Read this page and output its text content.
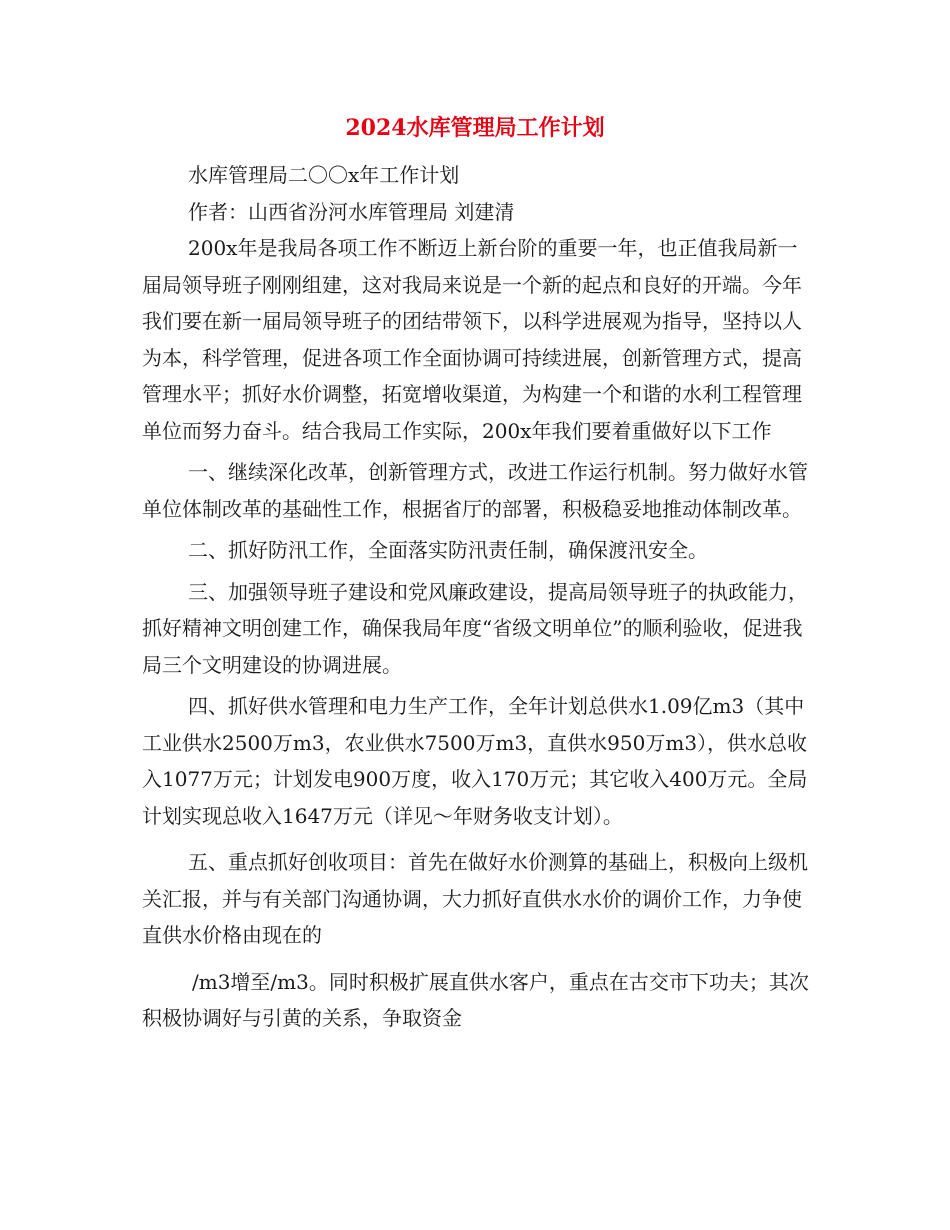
2024水库管理局工作计划

水库管理局二〇〇x年工作计划

作者：山西省汾河水库管理局 刘建清

200x年是我局各项工作不断迈上新台阶的重要一年，也正值我局新一届局领导班子刚刚组建，这对我局来说是一个新的起点和良好的开端。今年我们要在新一届局领导班子的团结带领下，以科学进展观为指导，坚持以人为本，科学管理，促进各项工作全面协调可持续进展，创新管理方式，提高管理水平；抓好水价调整，拓宽增收渠道，为构建一个和谐的水利工程管理单位而努力奋斗。结合我局工作实际，200x年我们要着重做好以下工作

一、继续深化改革，创新管理方式，改进工作运行机制。努力做好水管单位体制改革的基础性工作，根据省厅的部署，积极稳妥地推动体制改革。

二、抓好防汛工作，全面落实防汛责任制，确保渡汛安全。

三、加强领导班子建设和党风廉政建设，提高局领导班子的执政能力，抓好精神文明创建工作，确保我局年度“省级文明单位”的顺利验收，促进我局三个文明建设的协调进展。

四、抓好供水管理和电力生产工作，全年计划总供水1.09亿m3（其中工业供水2500万m3，农业供水7500万m3，直供水950万m3），供水总收入1077万元；计划发电900万度，收入170万元；其它收入400万元。全局计划实现总收入1647万元（详见～年财务收支计划）。

五、重点抓好创收项目：首先在做好水价测算的基础上，积极向上级机关汇报，并与有关部门沟通协调，大力抓好直供水水价的调价工作，力争使直供水价格由现在的

/m3增至/m3。同时积极扩展直供水客户，重点在古交市下功夫；其次积极协调好与引黄的关系，争取资金
